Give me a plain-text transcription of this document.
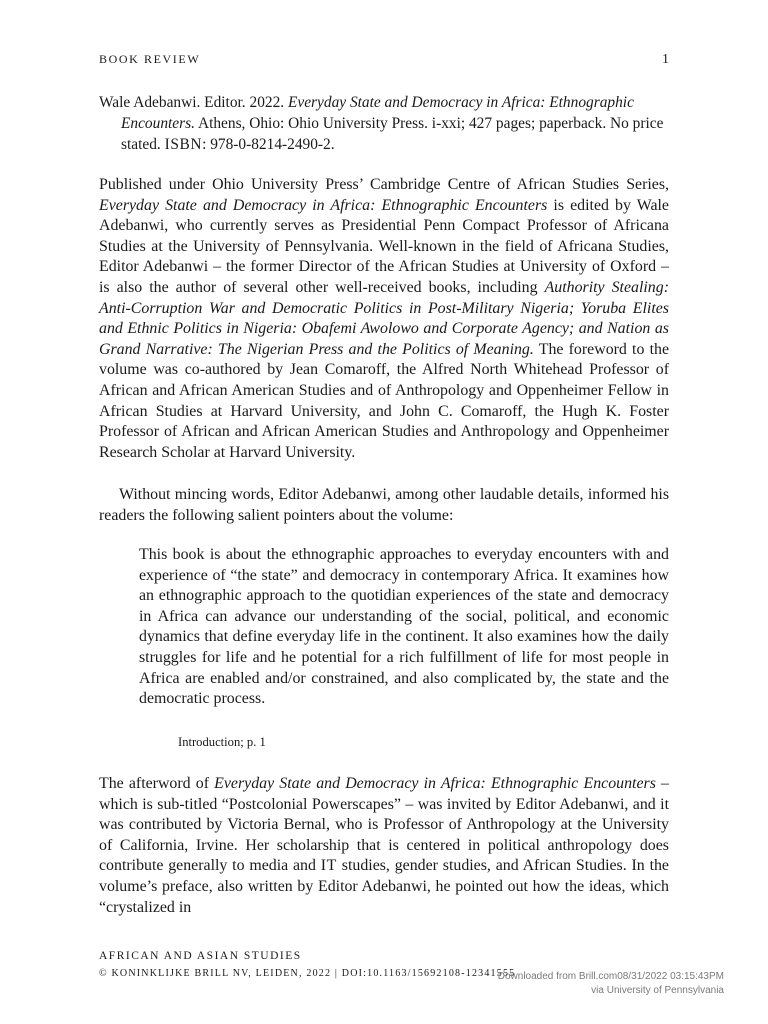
BOOK REVIEW	1
Wale Adebanwi. Editor. 2022. Everyday State and Democracy in Africa: Ethnographic Encounters. Athens, Ohio: Ohio University Press. i-xxi; 427 pages; paperback. No price stated. ISBN: 978-0-8214-2490-2.

Published under Ohio University Press’ Cambridge Centre of African Studies Series, Everyday State and Democracy in Africa: Ethnographic Encounters is edited by Wale Adebanwi, who currently serves as Presidential Penn Compact Professor of Africana Studies at the University of Pennsylvania. Well-known in the field of Africana Studies, Editor Adebanwi – the former Director of the African Studies at University of Oxford – is also the author of several other well-received books, including Authority Stealing: Anti-Corruption War and Democratic Politics in Post-Military Nigeria; Yoruba Elites and Ethnic Politics in Nigeria: Obafemi Awolowo and Corporate Agency; and Nation as Grand Narrative: The Nigerian Press and the Politics of Meaning. The foreword to the volume was co-authored by Jean Comaroff, the Alfred North Whitehead Professor of African and African American Studies and of Anthropology and Oppenheimer Fellow in African Studies at Harvard University, and John C. Comaroff, the Hugh K. Foster Professor of African and African American Studies and Anthropology and Oppenheimer Research Scholar at Harvard University.

Without mincing words, Editor Adebanwi, among other laudable details, informed his readers the following salient pointers about the volume:

This book is about the ethnographic approaches to everyday encounters with and experience of “the state” and democracy in contemporary Africa. It examines how an ethnographic approach to the quotidian experiences of the state and democracy in Africa can advance our understanding of the social, political, and economic dynamics that define everyday life in the continent. It also examines how the daily struggles for life and he potential for a rich fulfillment of life for most people in Africa are enabled and/or constrained, and also complicated by, the state and the democratic process.

Introduction; p. 1

The afterword of Everyday State and Democracy in Africa: Ethnographic Encounters – which is sub-titled “Postcolonial Powerscapes” – was invited by Editor Adebanwi, and it was contributed by Victoria Bernal, who is Professor of Anthropology at the University of California, Irvine. Her scholarship that is centered in political anthropology does contribute generally to media and IT studies, gender studies, and African Studies. In the volume’s preface, also written by Editor Adebanwi, he pointed out how the ideas, which “crystalized in

AFRICAN AND ASIAN STUDIES
© KONINKLIJKE BRILL NV, LEIDEN, 2022 | DOI:10.1163/15692108-12341555
Downloaded from Brill.com08/31/2022 03:15:43PM
via University of Pennsylvania
